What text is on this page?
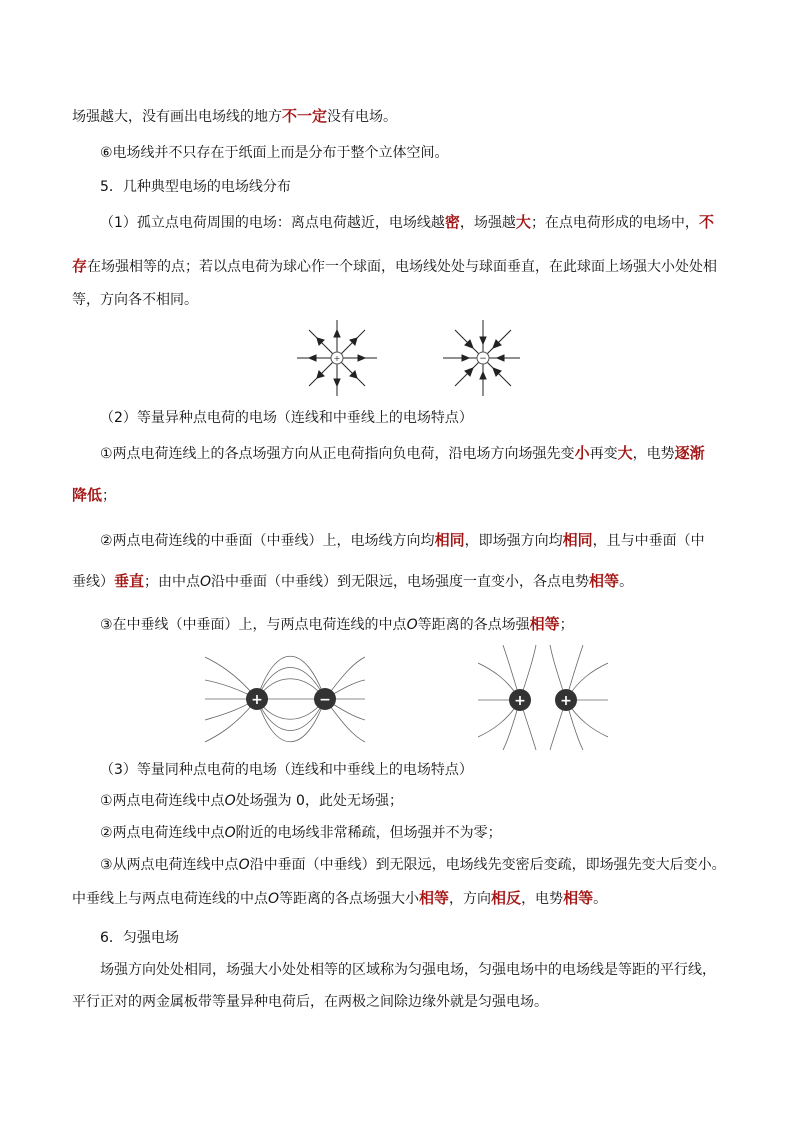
场强越大，没有画出电场线的地方不一定没有电场。
⑥电场线并不只存在于纸面上而是分布于整个立体空间。
5．几种典型电场的电场线分布
（1）孤立点电荷周围的电场：离点电荷越近，电场线越密，场强越大；在点电荷形成的电场中，不
存在场强相等的点；若以点电荷为球心作一个球面，电场线处处与球面垂直，在此球面上场强大小处处相
等，方向各不相同。
+	−
（2）等量异种点电荷的电场（连线和中垂线上的电场特点）
①两点电荷连线上的各点场强方向从正电荷指向负电荷，沿电场方向场强先变小再变大，电势逐渐
降低；
②两点电荷连线的中垂面（中垂线）上，电场线方向均相同，即场强方向均相同，且与中垂面（中
垂线）垂直；由中点O沿中垂面（中垂线）到无限远，电场强度一直变小，各点电势相等。
③在中垂线（中垂面）上，与两点电荷连线的中点O等距离的各点场强相等；
+	−	+ +
（3）等量同种点电荷的电场（连线和中垂线上的电场特点）
①两点电荷连线中点O处场强为 0，此处无场强；
②两点电荷连线中点O附近的电场线非常稀疏，但场强并不为零；
③从两点电荷连线中点O沿中垂面（中垂线）到无限远，电场线先变密后变疏，即场强先变大后变小。
中垂线上与两点电荷连线的中点O等距离的各点场强大小相等，方向相反，电势相等。
6．匀强电场
场强方向处处相同，场强大小处处相等的区域称为匀强电场，匀强电场中的电场线是等距的平行线，
平行正对的两金属板带等量异种电荷后，在两极之间除边缘外就是匀强电场。
